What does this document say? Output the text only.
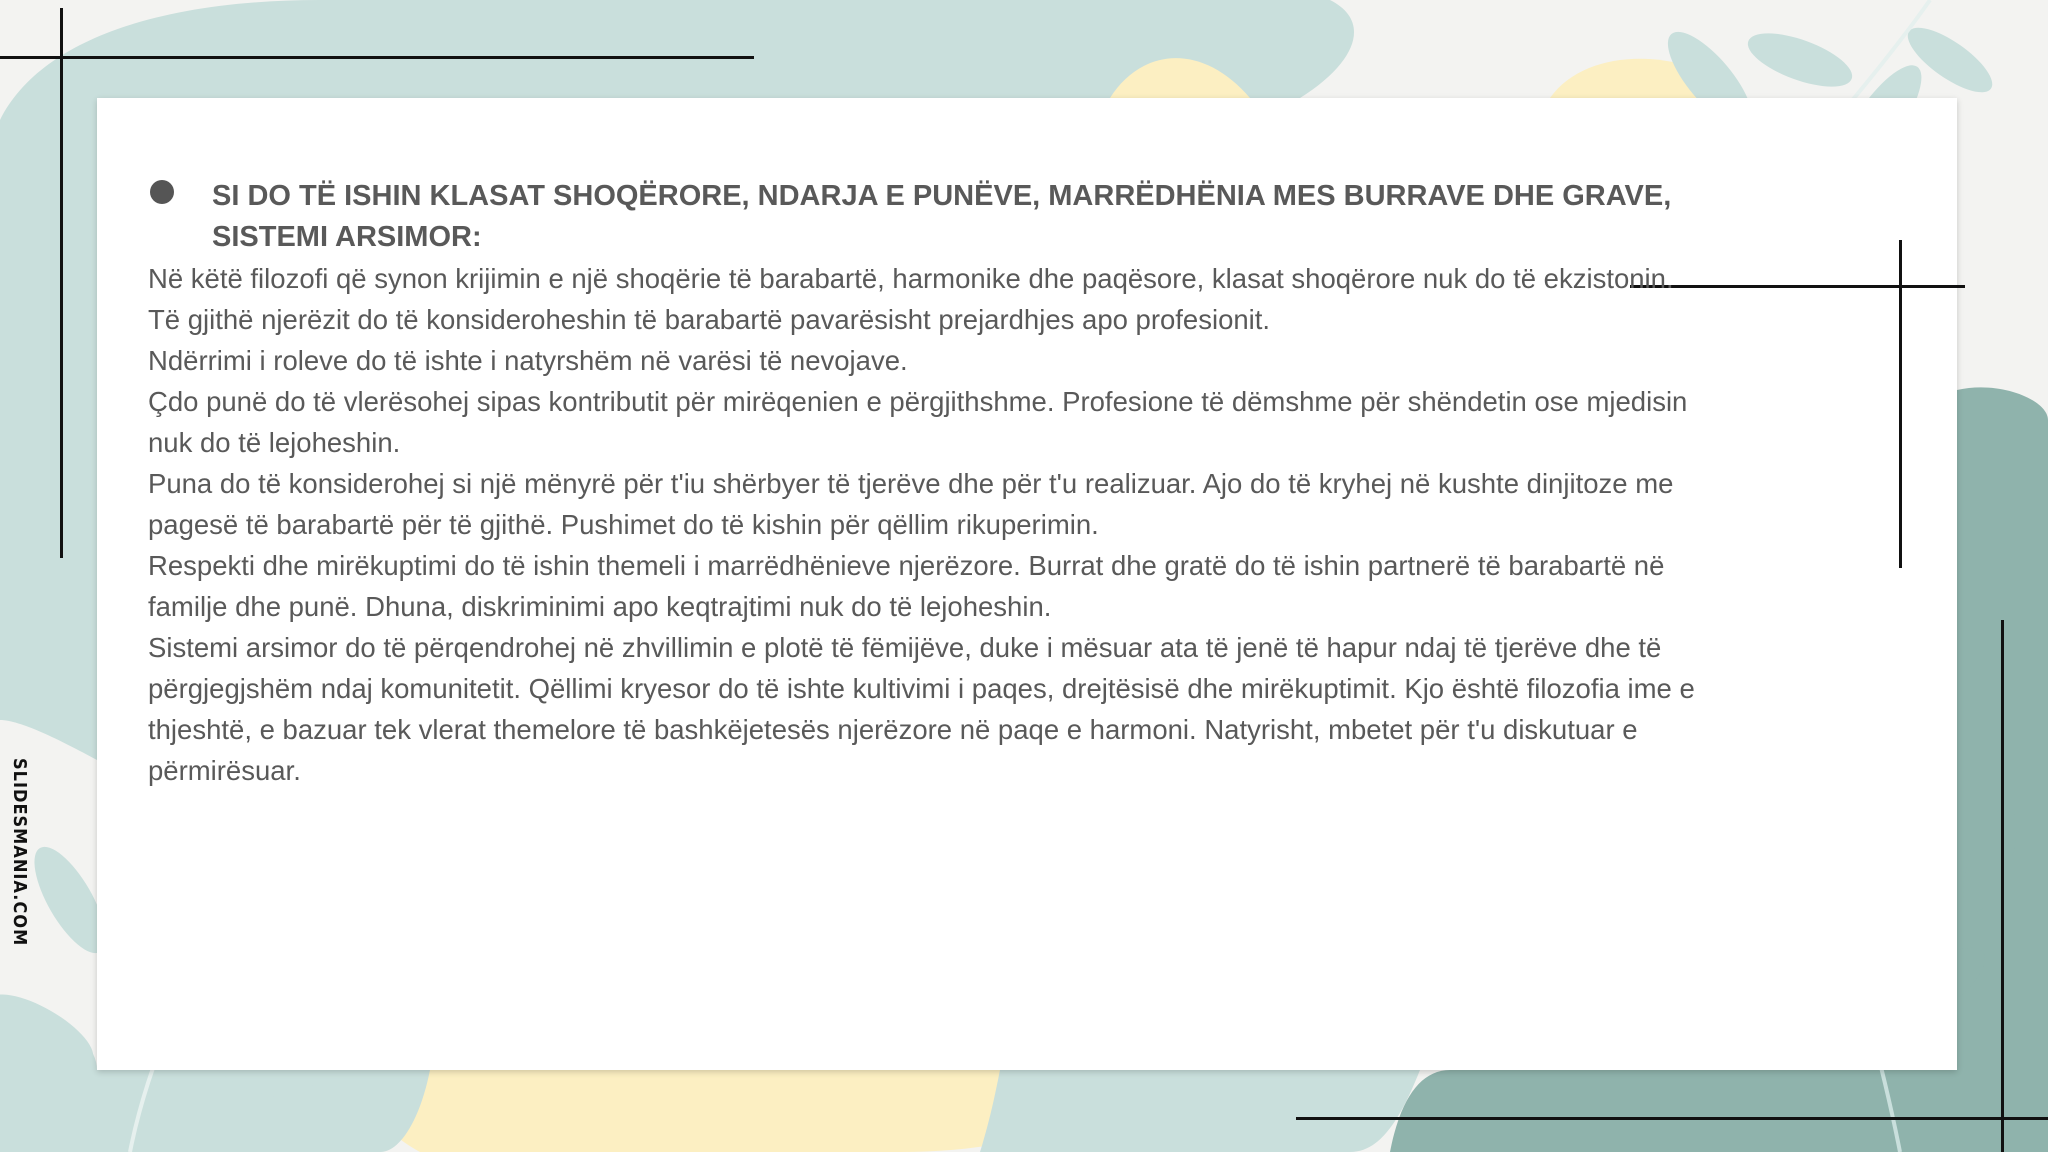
SI DO TË ISHIN KLASAT SHOQËRORE, NDARJA E PUNËVE, MARRËDHËNIA MES BURRAVE DHE GRAVE, SISTEMI ARSIMOR:

Në këtë filozofi që synon krijimin e një shoqërie të barabartë, harmonike dhe paqësore, klasat shoqërore nuk do të ekzistonin. Të gjithë njerëzit do të konsideroheshin të barabartë pavarësisht prejardhjes apo profesionit.

Ndërrimi i roleve do të ishte i natyrshëm në varësi të nevojave.

Çdo punë do të vlerësohej sipas kontributit për mirëqenien e përgjithshme. Profesione të dëmshme për shëndetin ose mjedisin nuk do të lejoheshin.

Puna do të konsiderohej si një mënyrë për t'iu shërbyer të tjerëve dhe për t'u realizuar. Ajo do të kryhej në kushte dinjitoze me pagesë të barabartë për të gjithë. Pushimet do të kishin për qëllim rikuperimin.

Respekti dhe mirëkuptimi do të ishin themeli i marrëdhënieve njerëzore. Burrat dhe gratë do të ishin partnerë të barabartë në familje dhe punë. Dhuna, diskriminimi apo keqtrajtimi nuk do të lejoheshin.

Sistemi arsimor do të përqendrohej në zhvillimin e plotë të fëmijëve, duke i mësuar ata të jenë të hapur ndaj të tjerëve dhe të përgjegjshëm ndaj komunitetit. Qëllimi kryesor do të ishte kultivimi i paqes, drejtësisë dhe mirëkuptimit. Kjo është filozofia ime e thjeshtë, e bazuar tek vlerat themelore të bashkëjetesës njerëzore në paqe e harmoni. Natyrisht, mbetet për t'u diskutuar e përmirësuar.

SLIDESMANIA.COM
